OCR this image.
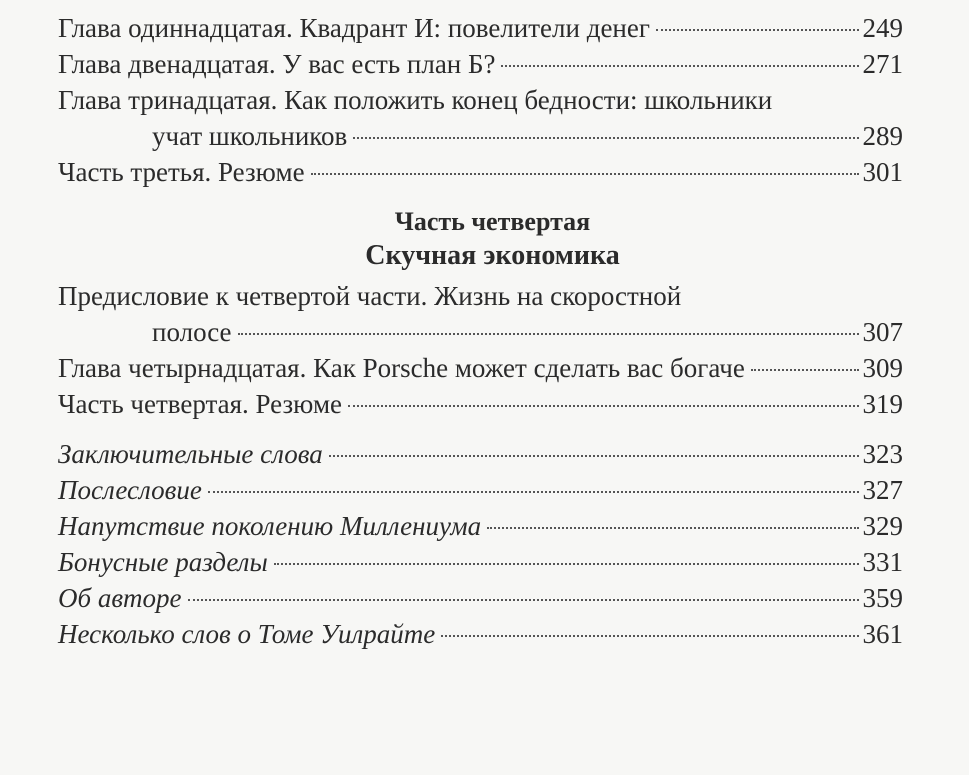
Глава одиннадцатая. Квадрант И: повелители денег	249
Глава двенадцатая. У вас есть план Б?	271
Глава тринадцатая. Как положить конец бедности: школьники
учат школьников	289
Часть третья. Резюме	301
Часть четвертая
Скучная экономика
Предисловие к четвертой части. Жизнь на скоростной
полосе	307
Глава четырнадцатая. Как Porsche может сделать вас богаче	309
Часть четвертая. Резюме	319
Заключительные слова	323
Послесловие	327
Напутствие поколению Миллениума	329
Бонусные разделы	331
Об авторе	359
Несколько слов о Томе Уилрайте	361
